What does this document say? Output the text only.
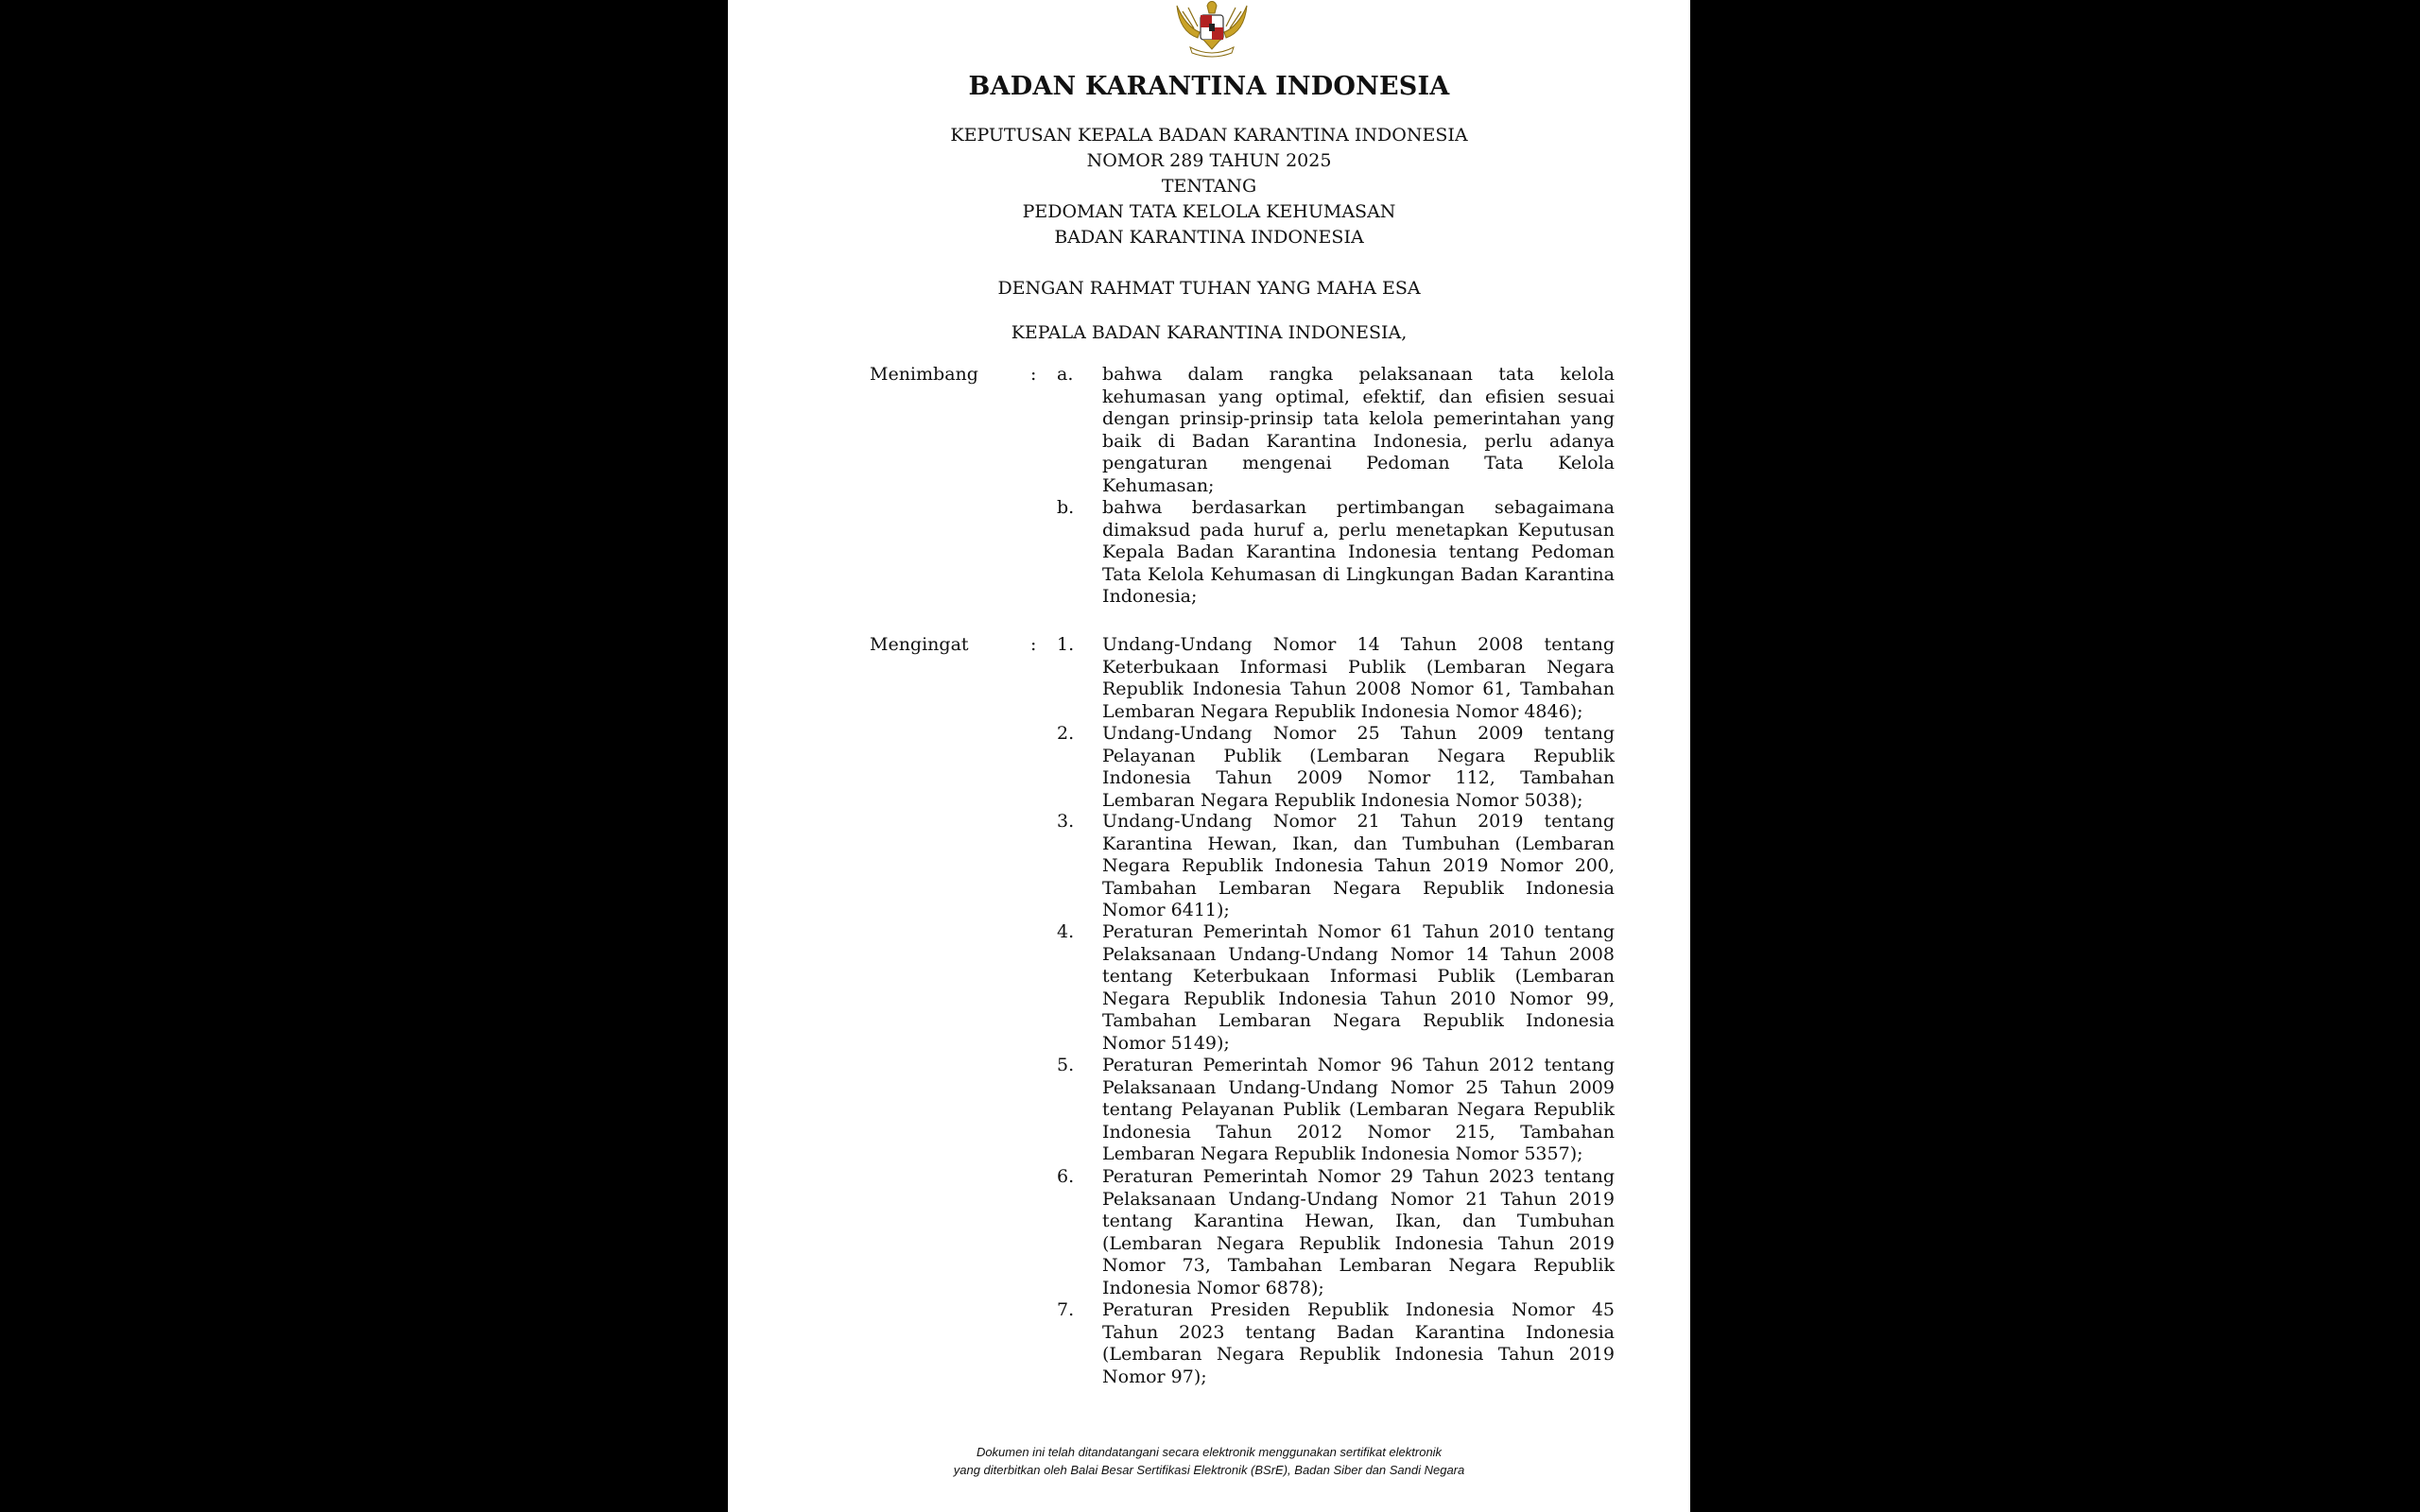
BADAN KARANTINA INDONESIA
KEPUTUSAN KEPALA BADAN KARANTINA INDONESIA
NOMOR 289 TAHUN 2025
TENTANG
PEDOMAN TATA KELOLA KEHUMASAN
BADAN KARANTINA INDONESIA
DENGAN RAHMAT TUHAN YANG MAHA ESA
KEPALA BADAN KARANTINA INDONESIA,
Menimbang	: a. bahwa dalam rangka pelaksanaan tata kelola kehumasan yang optimal, efektif, dan efisien sesuai dengan prinsip-prinsip tata kelola pemerintahan yang baik di Badan Karantina Indonesia, perlu adanya pengaturan mengenai Pedoman Tata Kelola Kehumasan;
b. bahwa berdasarkan pertimbangan sebagaimana dimaksud pada huruf a, perlu menetapkan Keputusan Kepala Badan Karantina Indonesia tentang Pedoman Tata Kelola Kehumasan di Lingkungan Badan Karantina Indonesia;
Mengingat	: 1. Undang-Undang Nomor 14 Tahun 2008 tentang Keterbukaan Informasi Publik (Lembaran Negara Republik Indonesia Tahun 2008 Nomor 61, Tambahan Lembaran Negara Republik Indonesia Nomor 4846);
2. Undang-Undang Nomor 25 Tahun 2009 tentang Pelayanan Publik (Lembaran Negara Republik Indonesia Tahun 2009 Nomor 112, Tambahan Lembaran Negara Republik Indonesia Nomor 5038);
3. Undang-Undang Nomor 21 Tahun 2019 tentang Karantina Hewan, Ikan, dan Tumbuhan (Lembaran Negara Republik Indonesia Tahun 2019 Nomor 200, Tambahan Lembaran Negara Republik Indonesia Nomor 6411);
4. Peraturan Pemerintah Nomor 61 Tahun 2010 tentang Pelaksanaan Undang-Undang Nomor 14 Tahun 2008 tentang Keterbukaan Informasi Publik (Lembaran Negara Republik Indonesia Tahun 2010 Nomor 99, Tambahan Lembaran Negara Republik Indonesia Nomor 5149);
5. Peraturan Pemerintah Nomor 96 Tahun 2012 tentang Pelaksanaan Undang-Undang Nomor 25 Tahun 2009 tentang Pelayanan Publik (Lembaran Negara Republik Indonesia Tahun 2012 Nomor 215, Tambahan Lembaran Negara Republik Indonesia Nomor 5357);
6. Peraturan Pemerintah Nomor 29 Tahun 2023 tentang Pelaksanaan Undang-Undang Nomor 21 Tahun 2019 tentang Karantina Hewan, Ikan, dan Tumbuhan (Lembaran Negara Republik Indonesia Tahun 2019 Nomor 73, Tambahan Lembaran Negara Republik Indonesia Nomor 6878);
7. Peraturan Presiden Republik Indonesia Nomor 45 Tahun 2023 tentang Badan Karantina Indonesia (Lembaran Negara Republik Indonesia Tahun 2019 Nomor 97);
Dokumen ini telah ditandatangani secara elektronik menggunakan sertifikat elektronik
yang diterbitkan oleh Balai Besar Sertifikasi Elektronik (BSrE), Badan Siber dan Sandi Negara
